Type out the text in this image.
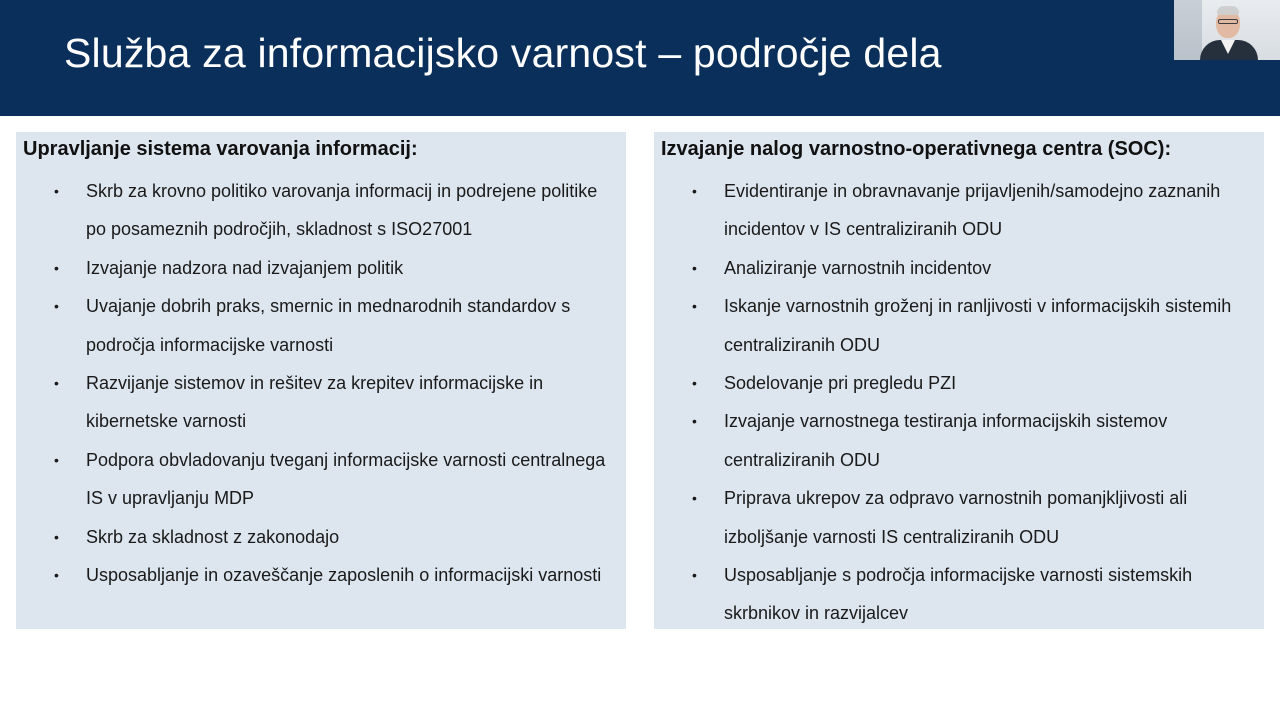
Služba za informacijsko varnost – področje dela
Upravljanje sistema varovanja informacij:
• Skrb za krovno politiko varovanja informacij in podrejene politike po posameznih področjih, skladnost s ISO27001
• Izvajanje nadzora nad izvajanjem politik
• Uvajanje dobrih praks, smernic in mednarodnih standardov s področja informacijske varnosti
• Razvijanje sistemov in rešitev za krepitev informacijske in kibernetske varnosti
• Podpora obvladovanju tveganj informacijske varnosti centralnega IS v upravljanju MDP
• Skrb za skladnost z zakonodajo
• Usposabljanje in ozaveščanje zaposlenih o informacijski varnosti
Izvajanje nalog varnostno-operativnega centra (SOC):
• Evidentiranje in obravnavanje prijavljenih/samodejno zaznanih incidentov v IS centraliziranih ODU
• Analiziranje varnostnih incidentov
• Iskanje varnostnih groženj in ranljivosti v informacijskih sistemih centraliziranih ODU
• Sodelovanje pri pregledu PZI
• Izvajanje varnostnega testiranja informacijskih sistemov centraliziranih ODU
• Priprava ukrepov za odpravo varnostnih pomanjkljivosti ali izboljšanje varnosti IS centraliziranih ODU
• Usposabljanje s področja informacijske varnosti sistemskih skrbnikov in razvijalcev
